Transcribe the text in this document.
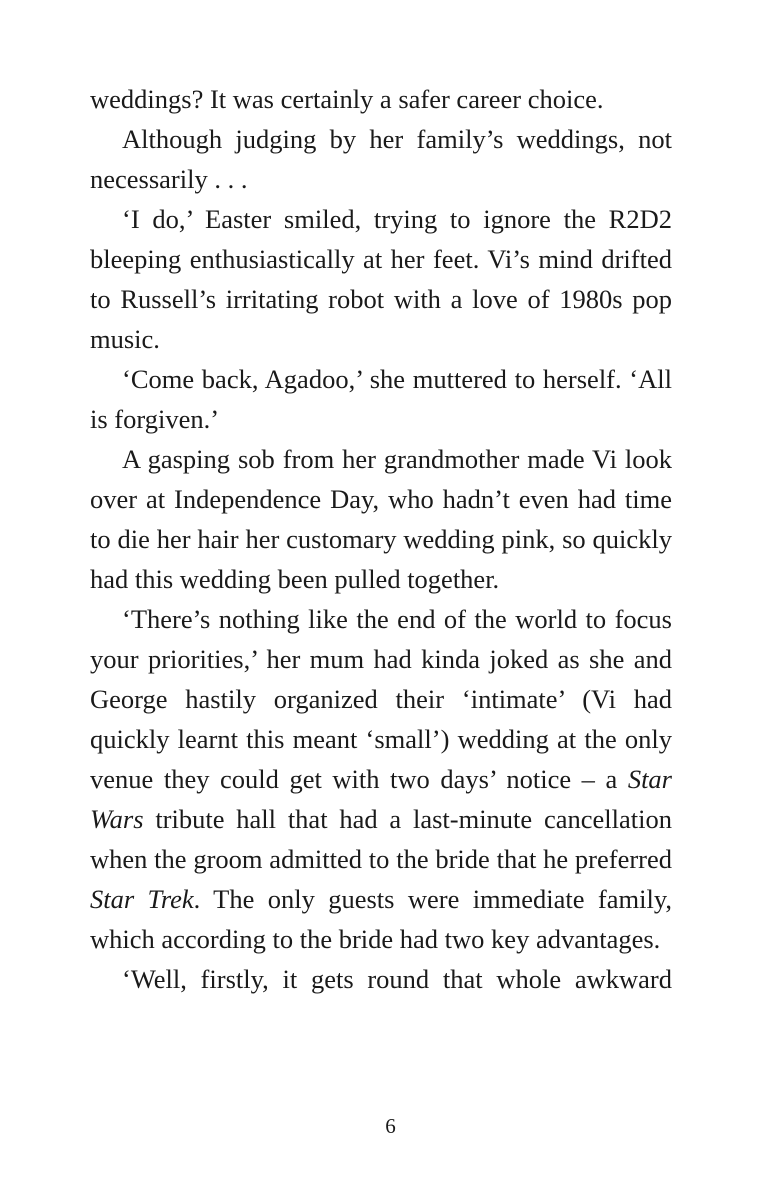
weddings? It was certainly a safer career choice.

Although judging by her family’s weddings, not necessarily . . .

‘I do,’ Easter smiled, trying to ignore the R2D2 bleeping enthusiastically at her feet. Vi’s mind drifted to Russell’s irritating robot with a love of 1980s pop music.

‘Come back, Agadoo,’ she muttered to herself. ‘All is forgiven.’

A gasping sob from her grandmother made Vi look over at Independence Day, who hadn’t even had time to die her hair her customary wedding pink, so quickly had this wedding been pulled together.

‘There’s nothing like the end of the world to focus your priorities,’ her mum had kinda joked as she and George hastily organized their ‘intimate’ (Vi had quickly learnt this meant ‘small’) wedding at the only venue they could get with two days’ notice – a Star Wars tribute hall that had a last-minute cancellation when the groom admitted to the bride that he preferred Star Trek. The only guests were immediate family, which according to the bride had two key advantages.

‘Well, firstly, it gets round that whole awkward

6
